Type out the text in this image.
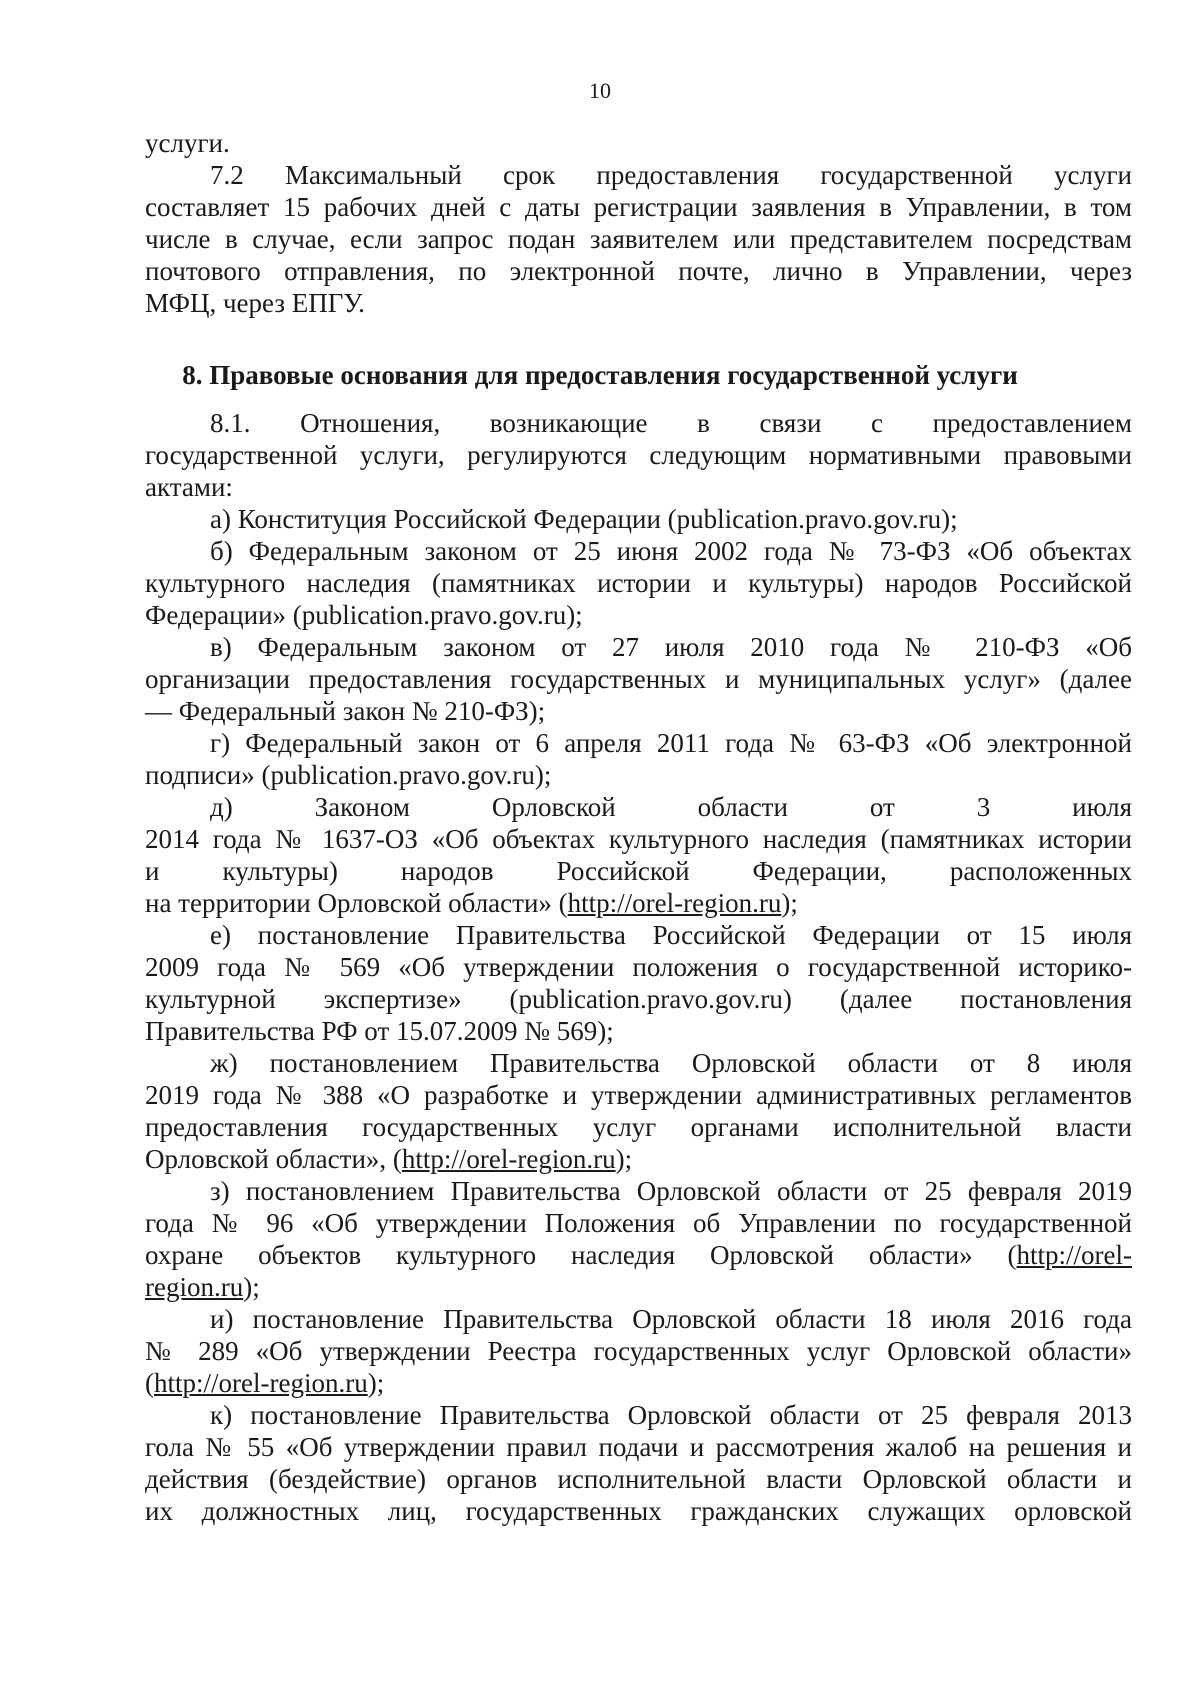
10
услуги.
7.2 Максимальный срок предоставления государственной услуги
составляет 15 рабочих дней с даты регистрации заявления в Управлении, в том
числе в случае, если запрос подан заявителем или представителем посредствам
почтового отправления, по электронной почте, лично в Управлении, через
МФЦ, через ЕПГУ.
8. Правовые основания для предоставления государственной услуги
8.1. Отношения, возникающие в связи с предоставлением
государственной услуги, регулируются следующим нормативными правовыми
актами:
а) Конституция Российской Федерации (publication.pravo.gov.ru);
б) Федеральным законом от 25 июня 2002 года № 73-ФЗ «Об объектах
культурного наследия (памятниках истории и культуры) народов Российской
Федерации» (publication.pravo.gov.ru);
в) Федеральным законом от 27 июля 2010 года № 210-ФЗ «Об
организации предоставления государственных и муниципальных услуг» (далее
— Федеральный закон № 210-ФЗ);
г) Федеральный закон от 6 апреля 2011 года № 63-ФЗ «Об электронной
подписи» (publication.pravo.gov.ru);
д) Законом Орловской области от 3 июля
2014 года № 1637-ОЗ «Об объектах культурного наследия (памятниках истории
и культуры) народов Российской Федерации, расположенных
на территории Орловской области» (http://orel-region.ru);
е) постановление Правительства Российской Федерации от 15 июля
2009 года № 569 «Об утверждении положения о государственной историко-
культурной экспертизе» (publication.pravo.gov.ru) (далее постановления
Правительства РФ от 15.07.2009 № 569);
ж) постановлением Правительства Орловской области от 8 июля
2019 года № 388 «О разработке и утверждении административных регламентов
предоставления государственных услуг органами исполнительной власти
Орловской области», (http://orel-region.ru);
з) постановлением Правительства Орловской области от 25 февраля 2019
года № 96 «Об утверждении Положения об Управлении по государственной
охране объектов культурного наследия Орловской области» (http://orel-
region.ru);
и) постановление Правительства Орловской области 18 июля 2016 года
№ 289 «Об утверждении Реестра государственных услуг Орловской области»
(http://orel-region.ru);
к) постановление Правительства Орловской области от 25 февраля 2013
гола № 55 «Об утверждении правил подачи и рассмотрения жалоб на решения и
действия (бездействие) органов исполнительной власти Орловской области и
их должностных лиц, государственных гражданских служащих орловской
